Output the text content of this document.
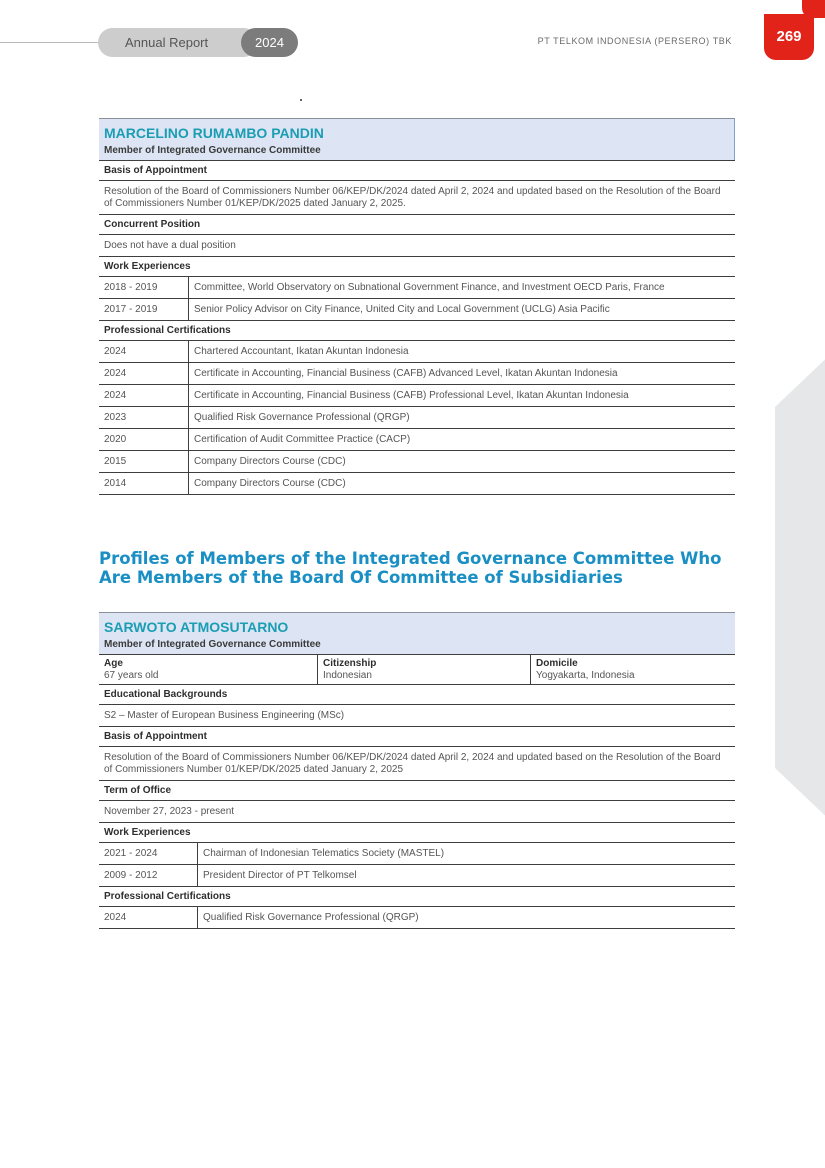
Annual Report	2024	PT TELKOM INDONESIA (PERSERO) TBK	269
MARCELINO RUMAMBO PANDIN
Member of Integrated Governance Committee
Basis of Appointment
Resolution of the Board of Commissioners Number 06/KEP/DK/2024 dated April 2, 2024 and updated based on the Resolution of the Board of Commissioners Number 01/KEP/DK/2025 dated January 2, 2025.
Concurrent Position
Does not have a dual position
Work Experiences
2018 - 2019	Committee, World Observatory on Subnational Government Finance, and Investment OECD Paris, France
2017 - 2019	Senior Policy Advisor on City Finance, United City and Local Government (UCLG) Asia Pacific
Professional Certifications
2024	Chartered Accountant, Ikatan Akuntan Indonesia
2024	Certificate in Accounting, Financial Business (CAFB) Advanced Level, Ikatan Akuntan Indonesia
2024	Certificate in Accounting, Financial Business (CAFB) Professional Level, Ikatan Akuntan Indonesia
2023	Qualified Risk Governance Professional (QRGP)
2020	Certification of Audit Committee Practice (CACP)
2015	Company Directors Course (CDC)
2014	Company Directors Course (CDC)
Profiles of Members of the Integrated Governance Committee Who Are Members of the Board Of Committee of Subsidiaries
SARWOTO ATMOSUTARNO
Member of Integrated Governance Committee
Age
67 years old
Citizenship
Indonesian
Domicile
Yogyakarta, Indonesia
Educational Backgrounds
S2 – Master of European Business Engineering (MSc)
Basis of Appointment
Resolution of the Board of Commissioners Number 06/KEP/DK/2024 dated April 2, 2024 and updated based on the Resolution of the Board of Commissioners Number 01/KEP/DK/2025 dated January 2, 2025
Term of Office
November 27, 2023 - present
Work Experiences
2021 - 2024	Chairman of Indonesian Telematics Society (MASTEL)
2009 - 2012	President Director of PT Telkomsel
Professional Certifications
2024	Qualified Risk Governance Professional (QRGP)
